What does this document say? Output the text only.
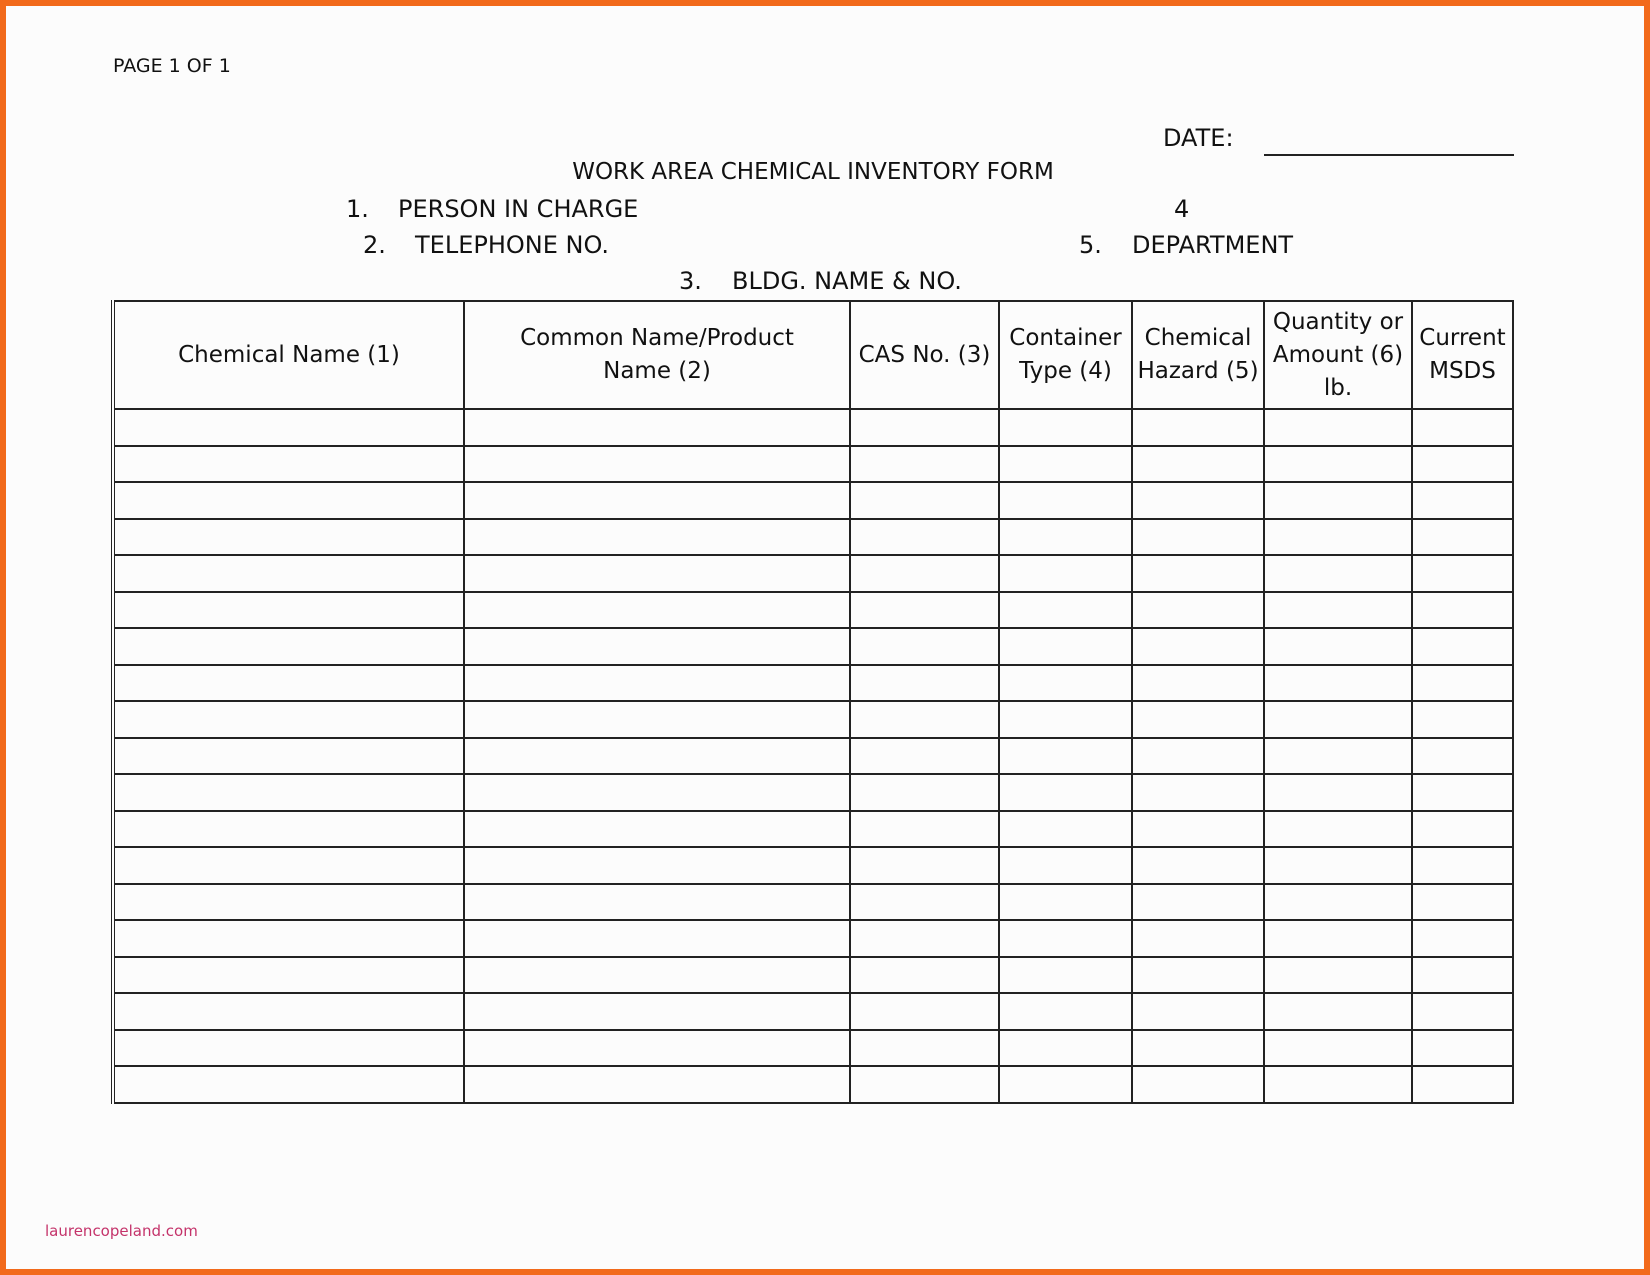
PAGE 1 OF 1
DATE:
WORK AREA CHEMICAL INVENTORY FORM
1. PERSON IN CHARGE	4
2. TELEPHONE NO.	5. DEPARTMENT
3. BLDG. NAME & NO.
Chemical Name (1)	Common Name/Product Name (2)	CAS No. (3)	Container Type (4)	Chemical Hazard (5)	Quantity or Amount (6) lb.	Current MSDS

laurencopeland.com
